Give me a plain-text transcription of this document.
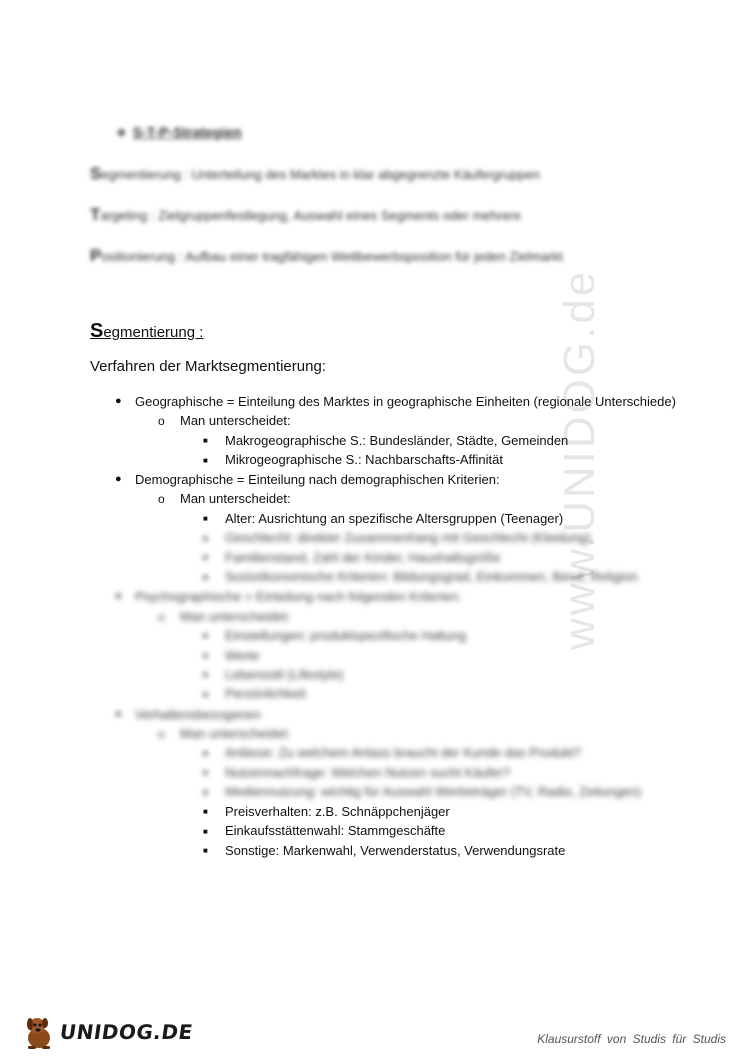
www.UNIDOG.de
❖ S-T-P-Strategien
Segmentierung : Unterteilung des Marktes in klar abgegrenzte Käufergruppen
Targeting : Zielgruppenfestlegung, Auswahl eines Segments oder mehrere
Positionierung : Aufbau einer tragfähigen Wettbewerbsposition für jeden Zielmarkt
Segmentierung :
Verfahren der Marktsegmentierung:
● Geographische = Einteilung des Marktes in geographische Einheiten (regionale Unterschiede)
o Man unterscheidet:
■ Makrogeographische S.: Bundesländer, Städte, Gemeinden
■ Mikrogeographische S.: Nachbarschafts-Affinität
● Demographische = Einteilung nach demographischen Kriterien:
o Man unterscheidet:
■ Alter: Ausrichtung an spezifische Altersgruppen (Teenager)
■ Geschlecht: direkter Zusammenhang mit Geschlecht (Kleidung)
■ Familienstand, Zahl der Kinder, Haushaltsgröße
■ Sozioökonomische Kriterien: Bildungsgrad, Einkommen, Beruf, Religion
● Psychographische = Einteilung nach folgenden Kriterien:
o Man unterscheidet:
■ Einstellungen: produktspezifische Haltung
■ Werte
■ Lebensstil (Lifestyle)
■ Persönlichkeit
● Verhaltensbezogenen
o Man unterscheidet:
■ Anlässe: Zu welchem Anlass braucht der Kunde das Produkt?
■ Nutzennachfrage: Welchen Nutzen sucht Käufer?
■ Mediennutzung: wichtig für Auswahl Werbeträger (TV, Radio, Zeitungen)
■ Preisverhalten: z.B. Schnäppchenjäger
■ Einkaufsstättenwahl: Stammgeschäfte
■ Sonstige: Markenwahl, Verwenderstatus, Verwendungsrate
UNIDOG.DE	Klausurstoff von Studis für Studis
